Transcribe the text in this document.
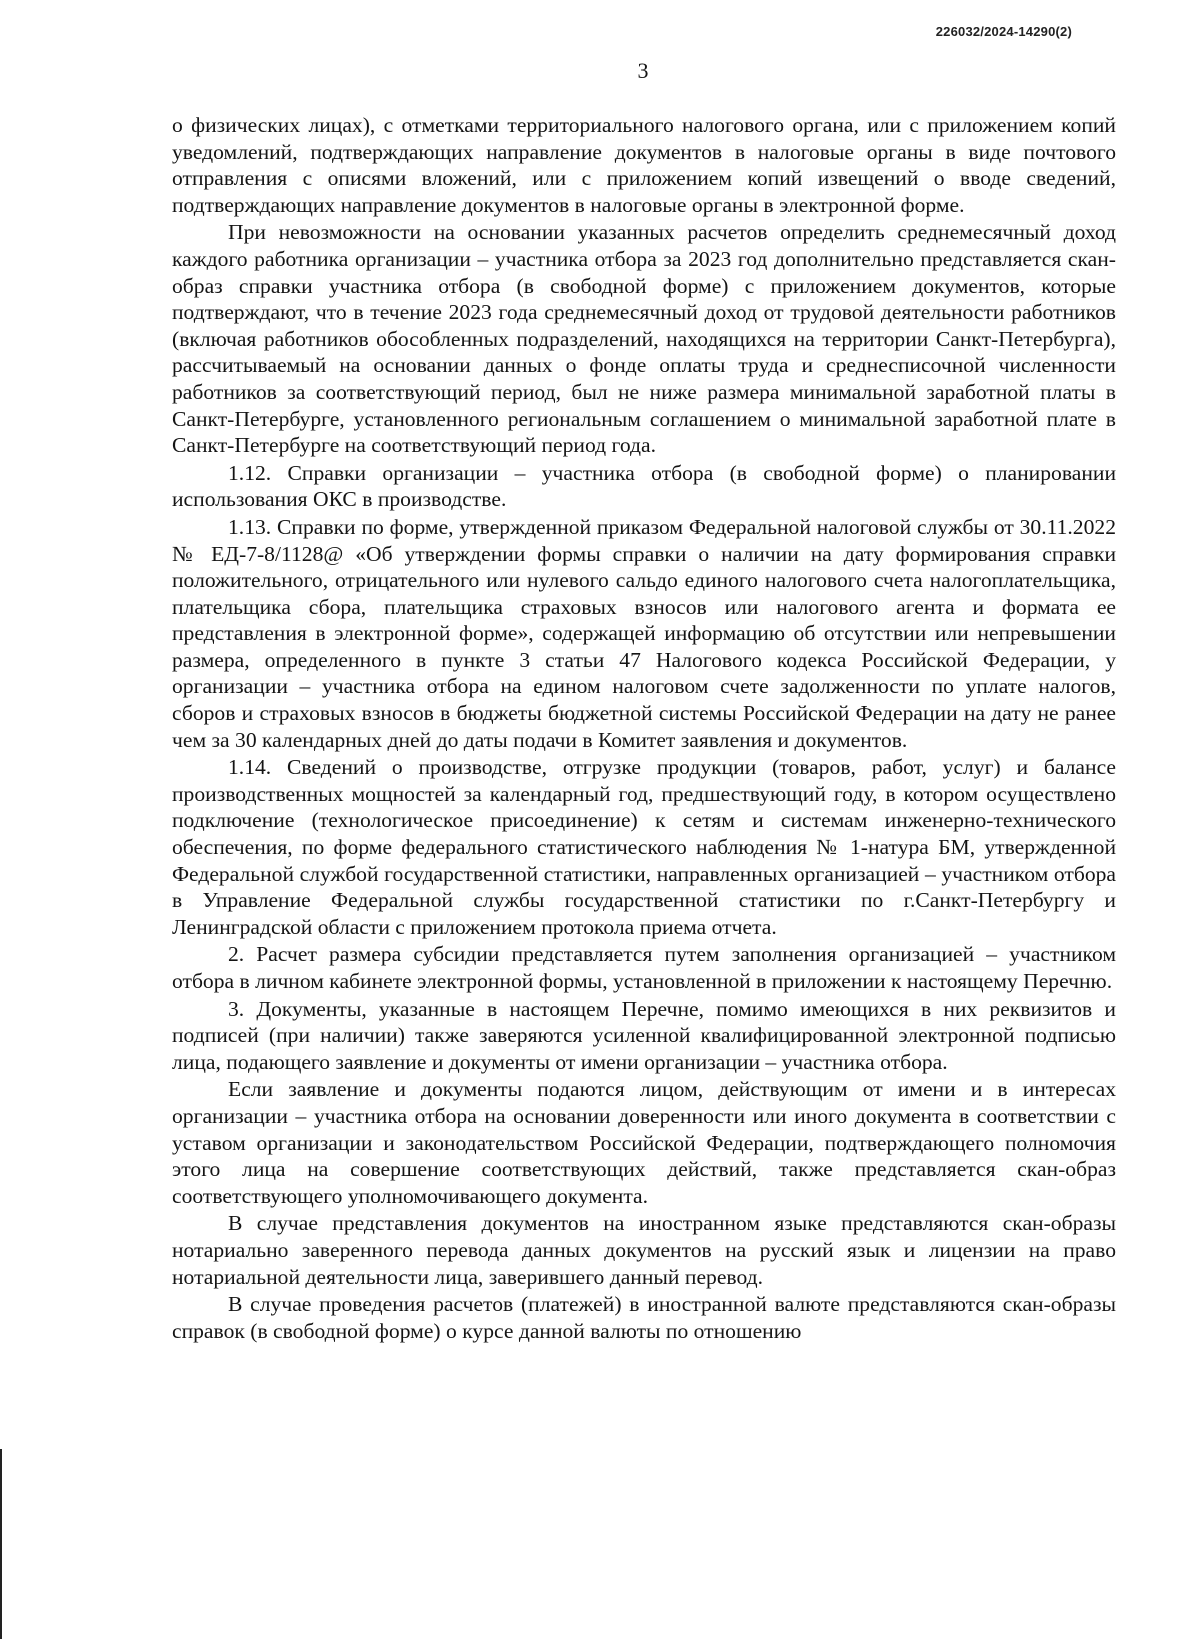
226032/2024-14290(2)
3

о физических лицах), с отметками территориального налогового органа, или с приложением копий уведомлений, подтверждающих направление документов в налоговые органы в виде почтового отправления с описями вложений, или с приложением копий извещений о вводе сведений, подтверждающих направление документов в налоговые органы в электронной форме.

При невозможности на основании указанных расчетов определить среднемесячный доход каждого работника организации – участника отбора за 2023 год дополнительно представляется скан-образ справки участника отбора (в свободной форме) с приложением документов, которые подтверждают, что в течение 2023 года среднемесячный доход от трудовой деятельности работников (включая работников обособленных подразделений, находящихся на территории Санкт-Петербурга), рассчитываемый на основании данных о фонде оплаты труда и среднесписочной численности работников за соответствующий период, был не ниже размера минимальной заработной платы в Санкт-Петербурге, установленного региональным соглашением о минимальной заработной плате в Санкт-Петербурге на соответствующий период года.

1.12. Справки организации – участника отбора (в свободной форме) о планировании использования ОКС в производстве.

1.13. Справки по форме, утвержденной приказом Федеральной налоговой службы от 30.11.2022 № ЕД-7-8/1128@ «Об утверждении формы справки о наличии на дату формирования справки положительного, отрицательного или нулевого сальдо единого налогового счета налогоплательщика, плательщика сбора, плательщика страховых взносов или налогового агента и формата ее представления в электронной форме», содержащей информацию об отсутствии или непревышении размера, определенного в пункте 3 статьи 47 Налогового кодекса Российской Федерации, у организации – участника отбора на едином налоговом счете задолженности по уплате налогов, сборов и страховых взносов в бюджеты бюджетной системы Российской Федерации на дату не ранее чем за 30 календарных дней до даты подачи в Комитет заявления и документов.

1.14. Сведений о производстве, отгрузке продукции (товаров, работ, услуг) и балансе производственных мощностей за календарный год, предшествующий году, в котором осуществлено подключение (технологическое присоединение) к сетям и системам инженерно-технического обеспечения, по форме федерального статистического наблюдения № 1-натура БМ, утвержденной Федеральной службой государственной статистики, направленных организацией – участником отбора в Управление Федеральной службы государственной статистики по г.Санкт-Петербургу и Ленинградской области с приложением протокола приема отчета.

2. Расчет размера субсидии представляется путем заполнения организацией – участником отбора в личном кабинете электронной формы, установленной в приложении к настоящему Перечню.

3. Документы, указанные в настоящем Перечне, помимо имеющихся в них реквизитов и подписей (при наличии) также заверяются усиленной квалифицированной электронной подписью лица, подающего заявление и документы от имени организации – участника отбора.

Если заявление и документы подаются лицом, действующим от имени и в интересах организации – участника отбора на основании доверенности или иного документа в соответствии с уставом организации и законодательством Российской Федерации, подтверждающего полномочия этого лица на совершение соответствующих действий, также представляется скан-образ соответствующего уполномочивающего документа.

В случае представления документов на иностранном языке представляются скан-образы нотариально заверенного перевода данных документов на русский язык и лицензии на право нотариальной деятельности лица, заверившего данный перевод.

В случае проведения расчетов (платежей) в иностранной валюте представляются скан-образы справок (в свободной форме) о курсе данной валюты по отношению
